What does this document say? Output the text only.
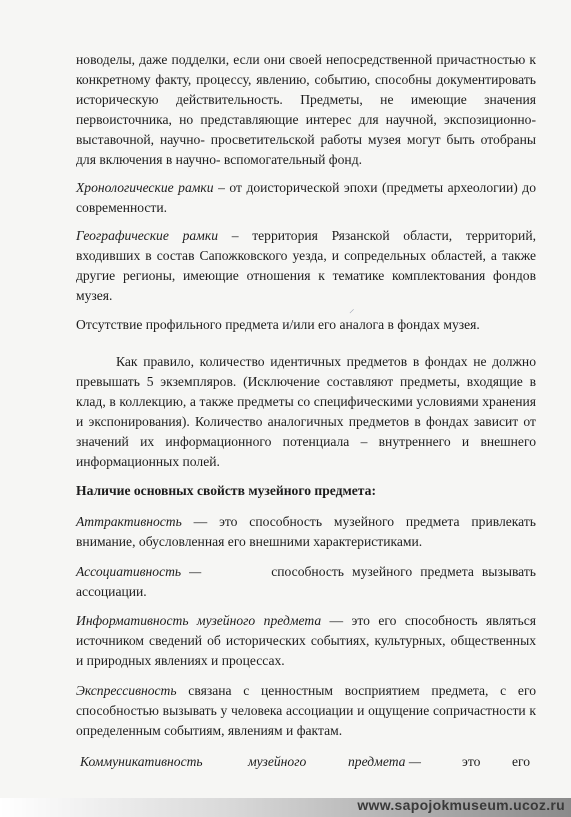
новоделы, даже подделки, если они своей непосредственной причастностью к конкретному факту, процессу, явлению, событию, способны документировать историческую действительность. Предметы, не имеющие значения первоисточника, но представляющие интерес для научной, экспозиционно-выставочной, научно- просветительской работы музея могут быть отобраны для включения в научно- вспомогательный фонд.

Хронологические рамки – от доисторической эпохи (предметы археологии) до современности.

Географические рамки – территория Рязанской области, территорий, входивших в состав Сапожковского уезда, и сопредельных областей, а также другие регионы, имеющие отношения к тематике комплектования фондов музея.

Отсутствие профильного предмета и/или его аналога в фондах музея.

Как правило, количество идентичных предметов в фондах не должно превышать 5 экземпляров. (Исключение составляют предметы, входящие в клад, в коллекцию, а также предметы со специфическими условиями хранения и экспонирования). Количество аналогичных предметов в фондах зависит от значений их информационного потенциала – внутреннего и внешнего информационных полей.

Наличие основных свойств музейного предмета:

Аттрактивность — это способность музейного предмета привлекать внимание, обусловленная его внешними характеристиками.

Ассоциативность —	способность музейного предмета вызывать ассоциации.

Информативность музейного предмета — это его способность являться источником сведений об исторических событиях, культурных, общественных и природных явлениях и процессах.

Экспрессивность связана с ценностным восприятием предмета, с его способностью вызывать у человека ассоциации и ощущение сопричастности к определенным событиям, явлениям и фактам.

Коммуникативность	музейного	предмета —	это его
⸍
www.sapojokmuseum.ucoz.ru
